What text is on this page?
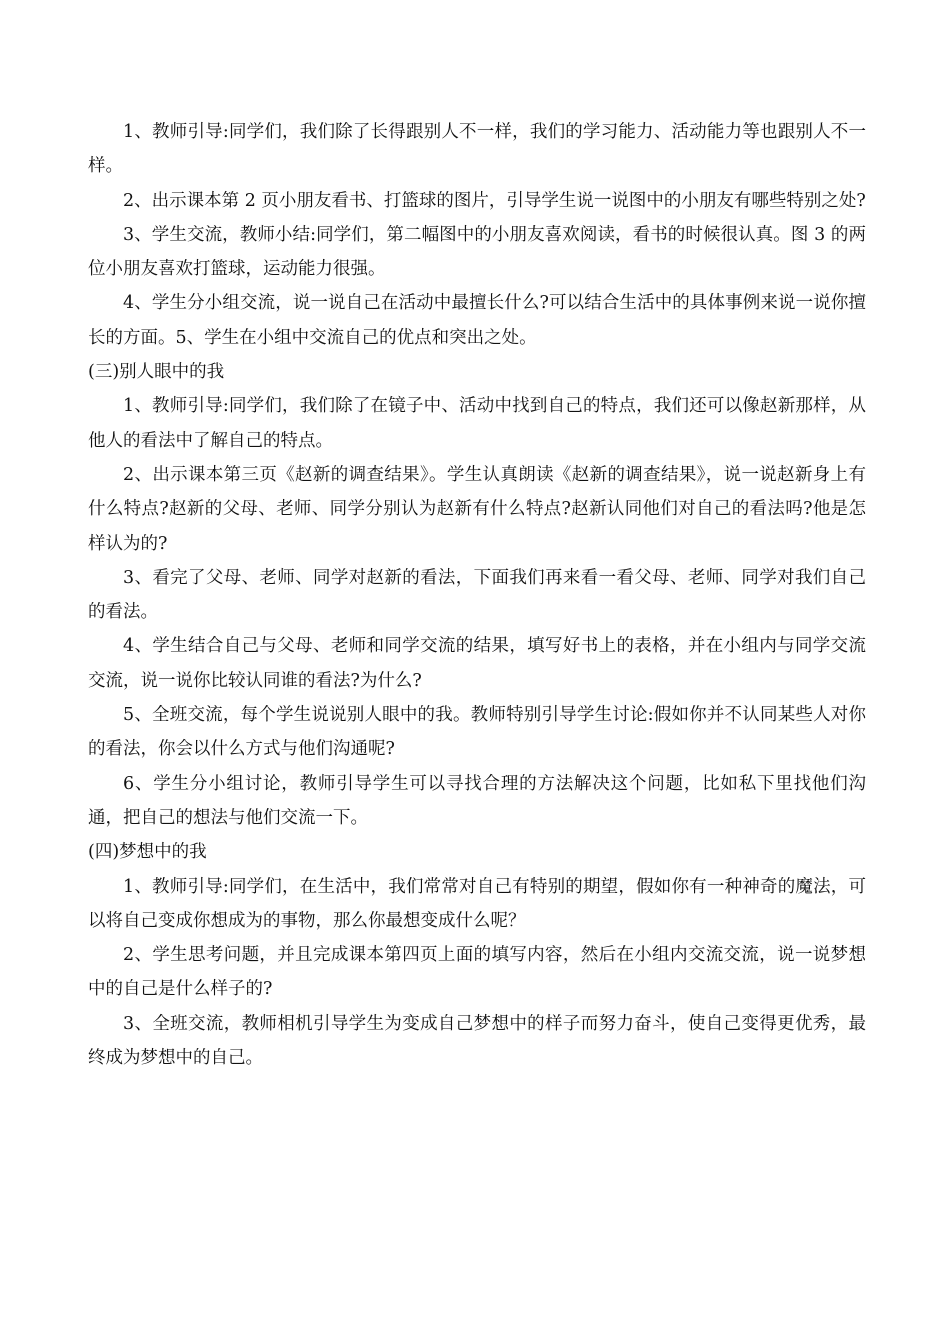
1、教师引导:同学们，我们除了长得跟别人不一样，我们的学习能力、活动能力等也跟别人不一样。

2、出示课本第 2 页小朋友看书、打篮球的图片，引导学生说一说图中的小朋友有哪些特别之处?

3、学生交流，教师小结:同学们，第二幅图中的小朋友喜欢阅读，看书的时候很认真。图 3 的两位小朋友喜欢打篮球，运动能力很强。

4、学生分小组交流，说一说自己在活动中最擅长什么?可以结合生活中的具体事例来说一说你擅长的方面。5、学生在小组中交流自己的优点和突出之处。

(三)别人眼中的我

1、教师引导:同学们，我们除了在镜子中、活动中找到自己的特点，我们还可以像赵新那样，从他人的看法中了解自己的特点。

2、出示课本第三页《赵新的调查结果》。学生认真朗读《赵新的调查结果》，说一说赵新身上有什么特点?赵新的父母、老师、同学分别认为赵新有什么特点?赵新认同他们对自己的看法吗?他是怎样认为的?

3、看完了父母、老师、同学对赵新的看法，下面我们再来看一看父母、老师、同学对我们自己的看法。

4、学生结合自己与父母、老师和同学交流的结果，填写好书上的表格，并在小组内与同学交流交流，说一说你比较认同谁的看法?为什么?

5、全班交流，每个学生说说别人眼中的我。教师特别引导学生讨论:假如你并不认同某些人对你的看法，你会以什么方式与他们沟通呢?

6、学生分小组讨论，教师引导学生可以寻找合理的方法解决这个问题，比如私下里找他们沟通，把自己的想法与他们交流一下。

(四)梦想中的我

1、教师引导:同学们，在生活中，我们常常对自己有特别的期望，假如你有一种神奇的魔法，可以将自己变成你想成为的事物，那么你最想变成什么呢？

2、学生思考问题，并且完成课本第四页上面的填写内容，然后在小组内交流交流，说一说梦想中的自己是什么样子的?

3、全班交流，教师相机引导学生为变成自己梦想中的样子而努力奋斗，使自己变得更优秀，最终成为梦想中的自己。
